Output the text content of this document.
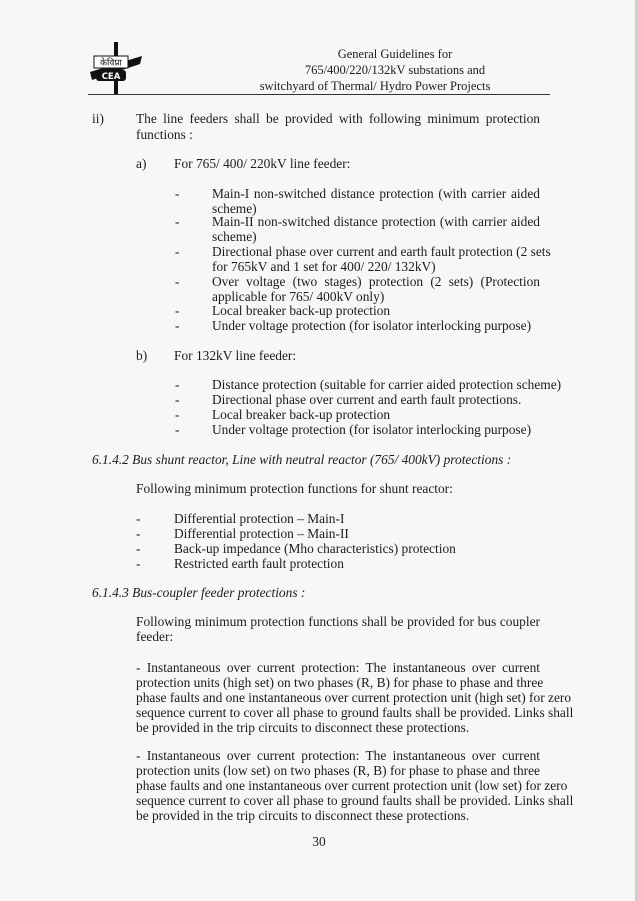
केविप्रा
CEA
General Guidelines for
765/400/220/132kV substations and
switchyard of Thermal/ Hydro Power Projects
ii) The line feeders shall be provided with following minimum protection
functions :
a) For 765/ 400/ 220kV line feeder:
- Main-I non-switched distance protection (with carrier aided
scheme)
- Main-II non-switched distance protection (with carrier aided
scheme)
- Directional phase over current and earth fault protection (2 sets
for 765kV and 1 set for 400/ 220/ 132kV)
- Over voltage (two stages) protection (2 sets) (Protection
applicable for 765/ 400kV only)
- Local breaker back-up protection
- Under voltage protection (for isolator interlocking purpose)
b) For 132kV line feeder:
- Distance protection (suitable for carrier aided protection scheme)
- Directional phase over current and earth fault protections.
- Local breaker back-up protection
- Under voltage protection (for isolator interlocking purpose)
6.1.4.2 Bus shunt reactor, Line with neutral reactor (765/ 400kV) protections :
Following minimum protection functions for shunt reactor:
-	Differential protection – Main-I
-	Differential protection – Main-II
-	Back-up impedance (Mho characteristics) protection
-	Restricted earth fault protection
6.1.4.3 Bus-coupler feeder protections :
Following minimum protection functions shall be provided for bus coupler
feeder:
- Instantaneous over current protection: The instantaneous over current
protection units (high set) on two phases (R, B) for phase to phase and three
phase faults and one instantaneous over current protection unit (high set) for zero
sequence current to cover all phase to ground faults shall be provided. Links shall
be provided in the trip circuits to disconnect these protections.
- Instantaneous over current protection: The instantaneous over current
protection units (low set) on two phases (R, B) for phase to phase and three
phase faults and one instantaneous over current protection unit (low set) for zero
sequence current to cover all phase to ground faults shall be provided. Links shall
be provided in the trip circuits to disconnect these protections.
30
